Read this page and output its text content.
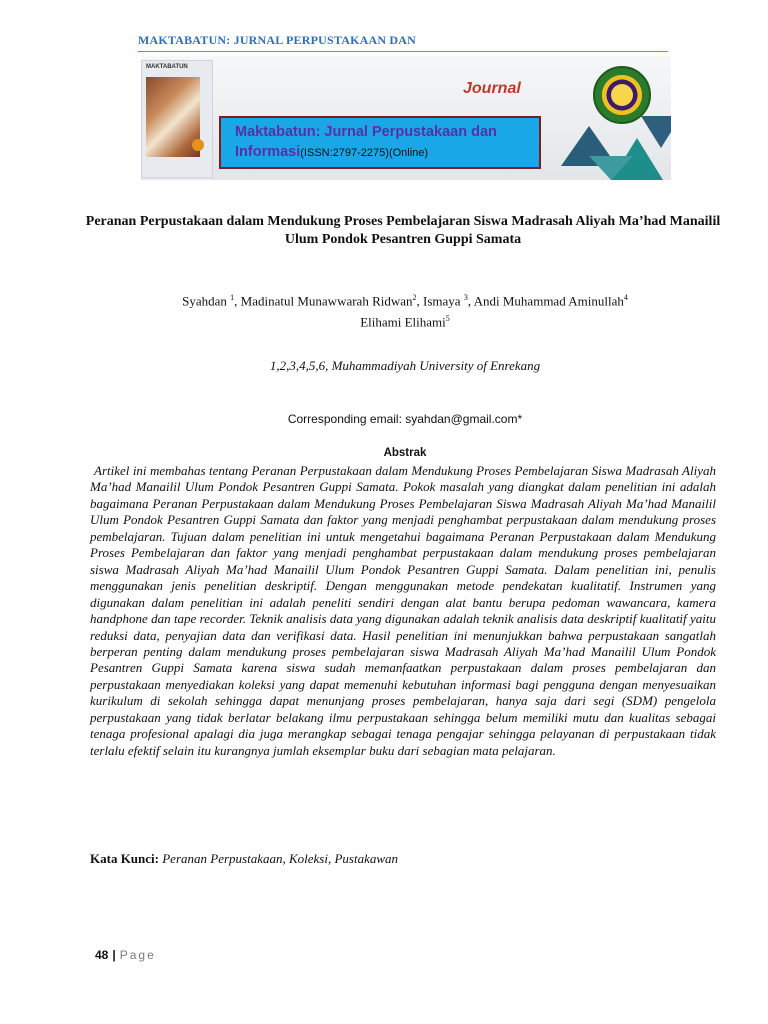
MAKTABATUN: JURNAL PERPUSTAKAAN DAN
MAKTABATUN
Journal
Maktabatun: Jurnal Perpustakaan dan Informasi(ISSN:2797-2275)(Online)
Peranan Perpustakaan dalam Mendukung Proses Pembelajaran Siswa Madrasah Aliyah Ma’had Manailil Ulum Pondok Pesantren Guppi Samata
Syahdan $^1$, Madinatul Munawwarah Ridwan$^2$, Ismaya $^3$, Andi Muhammad Aminullah$^4$
Elihami Elihami$^5$
1,2,3,4,5,6, Muhammadiyah University of Enrekang
Corresponding email: syahdan@gmail.com*
Abstrak
Artikel ini membahas tentang Peranan Perpustakaan dalam Mendukung Proses Pembelajaran Siswa Madrasah Aliyah Ma’had Manailil Ulum Pondok Pesantren Guppi Samata. Pokok masalah yang diangkat dalam penelitian ini adalah bagaimana Peranan Perpustakaan dalam Mendukung Proses Pembelajaran Siswa Madrasah Aliyah Ma’had Manailil Ulum Pondok Pesantren Guppi Samata dan faktor yang menjadi penghambat perpustakaan dalam mendukung proses pembelajaran. Tujuan dalam penelitian ini untuk mengetahui bagaimana Peranan Perpustakaan dalam Mendukung Proses Pembelajaran dan faktor yang menjadi penghambat perpustakaan dalam mendukung proses pembelajaran siswa Madrasah Aliyah Ma’had Manailil Ulum Pondok Pesantren Guppi Samata. Dalam penelitian ini, penulis menggunakan jenis penelitian deskriptif. Dengan menggunakan metode pendekatan kualitatif. Instrumen yang digunakan dalam penelitian ini adalah peneliti sendiri dengan alat bantu berupa pedoman wawancara, kamera handphone dan tape recorder. Teknik analisis data yang digunakan adalah teknik analisis data deskriptif kualitatif yaitu reduksi data, penyajian data dan verifikasi data. Hasil penelitian ini menunjukkan bahwa perpustakaan sangatlah berperan penting dalam mendukung proses pembelajaran siswa Madrasah Aliyah Ma’had Manailil Ulum Pondok Pesantren Guppi Samata karena siswa sudah memanfaatkan perpustakaan dalam proses pembelajaran dan perpustakaan menyediakan koleksi yang dapat memenuhi kebutuhan informasi bagi pengguna dengan menyesuaikan kurikulum di sekolah sehingga dapat menunjang proses pembelajaran, hanya saja dari segi (SDM) pengelola perpustakaan yang tidak berlatar belakang ilmu perpustakaan sehingga belum memiliki mutu dan kualitas sebagai tenaga profesional apalagi dia juga merangkap sebagai tenaga pengajar sehingga pelayanan di perpustakaan tidak terlalu efektif selain itu kurangnya jumlah eksemplar buku dari sebagian mata pelajaran.
Kata Kunci: Peranan Perpustakaan, Koleksi, Pustakawan
48 | Page
